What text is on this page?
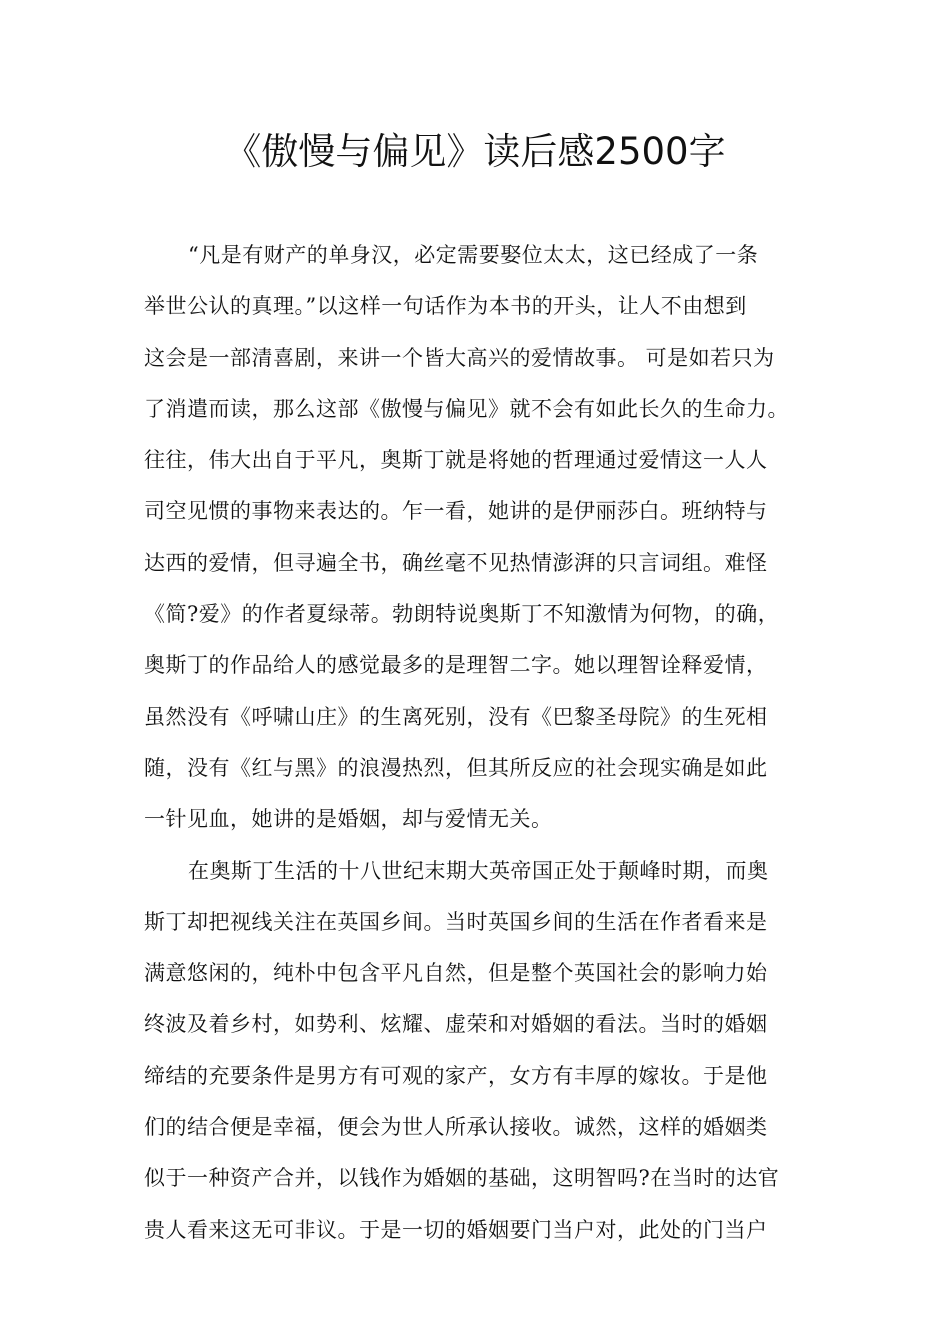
《傲慢与偏见》读后感2500字
“凡是有财产的单身汉，必定需要娶位太太，这已经成了一条
举世公认的真理。”以这样一句话作为本书的开头，让人不由想到
这会是一部清喜剧，来讲一个皆大高兴的爱情故事。 可是如若只为
了消遣而读，那么这部《傲慢与偏见》就不会有如此长久的生命力。
往往，伟大出自于平凡，奥斯丁就是将她的哲理通过爱情这一人人
司空见惯的事物来表达的。乍一看，她讲的是伊丽莎白。班纳特与
达西的爱情，但寻遍全书，确丝毫不见热情澎湃的只言词组。难怪
《简?爱》的作者夏绿蒂。勃朗特说奥斯丁不知激情为何物，的确，
奥斯丁的作品给人的感觉最多的是理智二字。她以理智诠释爱情，
虽然没有《呼啸山庄》的生离死别，没有《巴黎圣母院》的生死相
随，没有《红与黑》的浪漫热烈，但其所反应的社会现实确是如此
一针见血，她讲的是婚姻，却与爱情无关。
在奥斯丁生活的十八世纪末期大英帝国正处于颠峰时期，而奥
斯丁却把视线关注在英国乡间。当时英国乡间的生活在作者看来是
满意悠闲的，纯朴中包含平凡自然，但是整个英国社会的影响力始
终波及着乡村，如势利、炫耀、虚荣和对婚姻的看法。当时的婚姻
缔结的充要条件是男方有可观的家产，女方有丰厚的嫁妆。于是他
们的结合便是幸福，便会为世人所承认接收。诚然，这样的婚姻类
似于一种资产合并，以钱作为婚姻的基础，这明智吗?在当时的达官
贵人看来这无可非议。于是一切的婚姻要门当户对，此处的门当户
